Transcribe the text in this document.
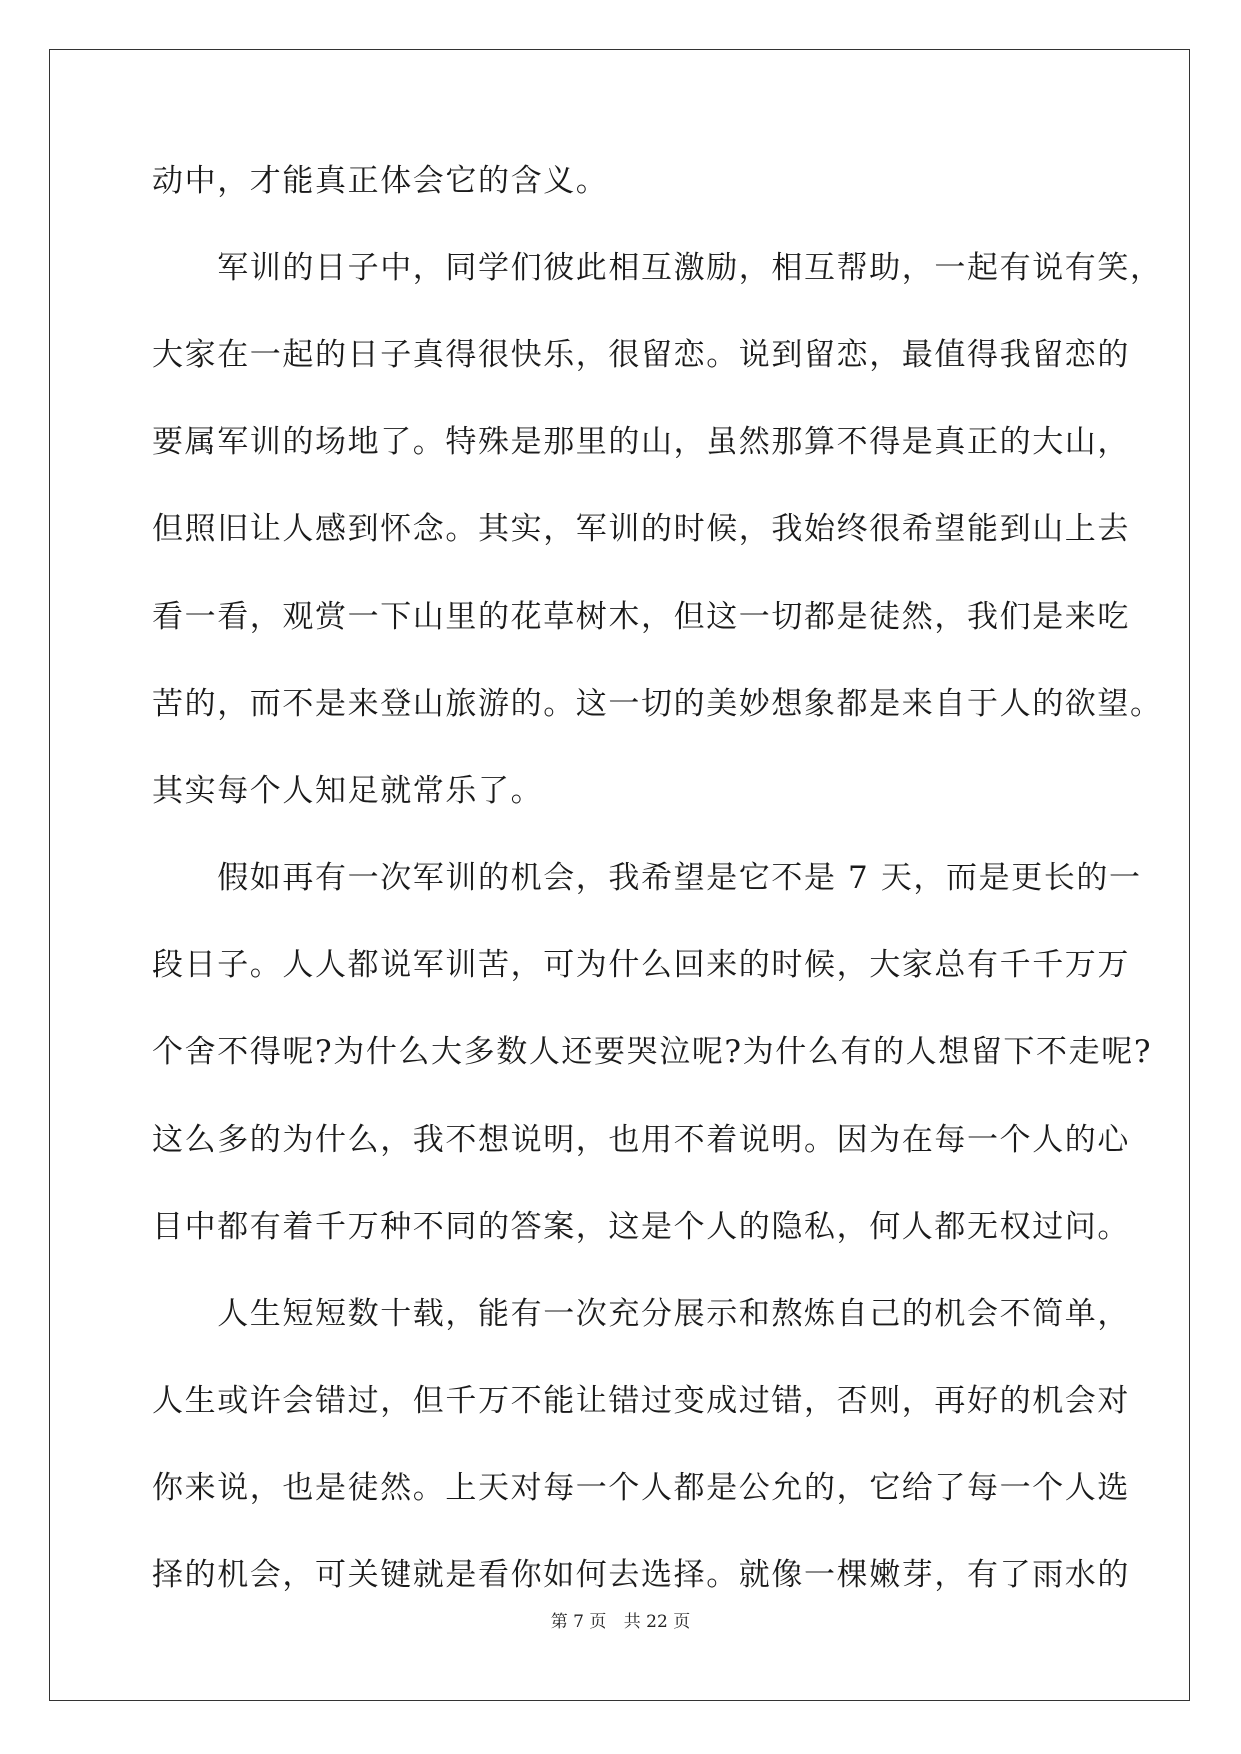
动中，才能真正体会它的含义。
　　军训的日子中，同学们彼此相互激励，相互帮助，一起有说有笑，
大家在一起的日子真得很快乐，很留恋。说到留恋，最值得我留恋的
要属军训的场地了。特殊是那里的山，虽然那算不得是真正的大山，
但照旧让人感到怀念。其实，军训的时候，我始终很希望能到山上去
看一看，观赏一下山里的花草树木，但这一切都是徒然，我们是来吃
苦的，而不是来登山旅游的。这一切的美妙想象都是来自于人的欲望。
其实每个人知足就常乐了。
　　假如再有一次军训的机会，我希望是它不是 7 天，而是更长的一
段日子。人人都说军训苦，可为什么回来的时候，大家总有千千万万
个舍不得呢?为什么大多数人还要哭泣呢?为什么有的人想留下不走呢?
这么多的为什么，我不想说明，也用不着说明。因为在每一个人的心
目中都有着千万种不同的答案，这是个人的隐私，何人都无权过问。
　　人生短短数十载，能有一次充分展示和熬炼自己的机会不简单，
人生或许会错过，但千万不能让错过变成过错，否则，再好的机会对
你来说，也是徒然。上天对每一个人都是公允的，它给了每一个人选
择的机会，可关键就是看你如何去选择。就像一棵嫩芽，有了雨水的
第 7 页 共 22 页
